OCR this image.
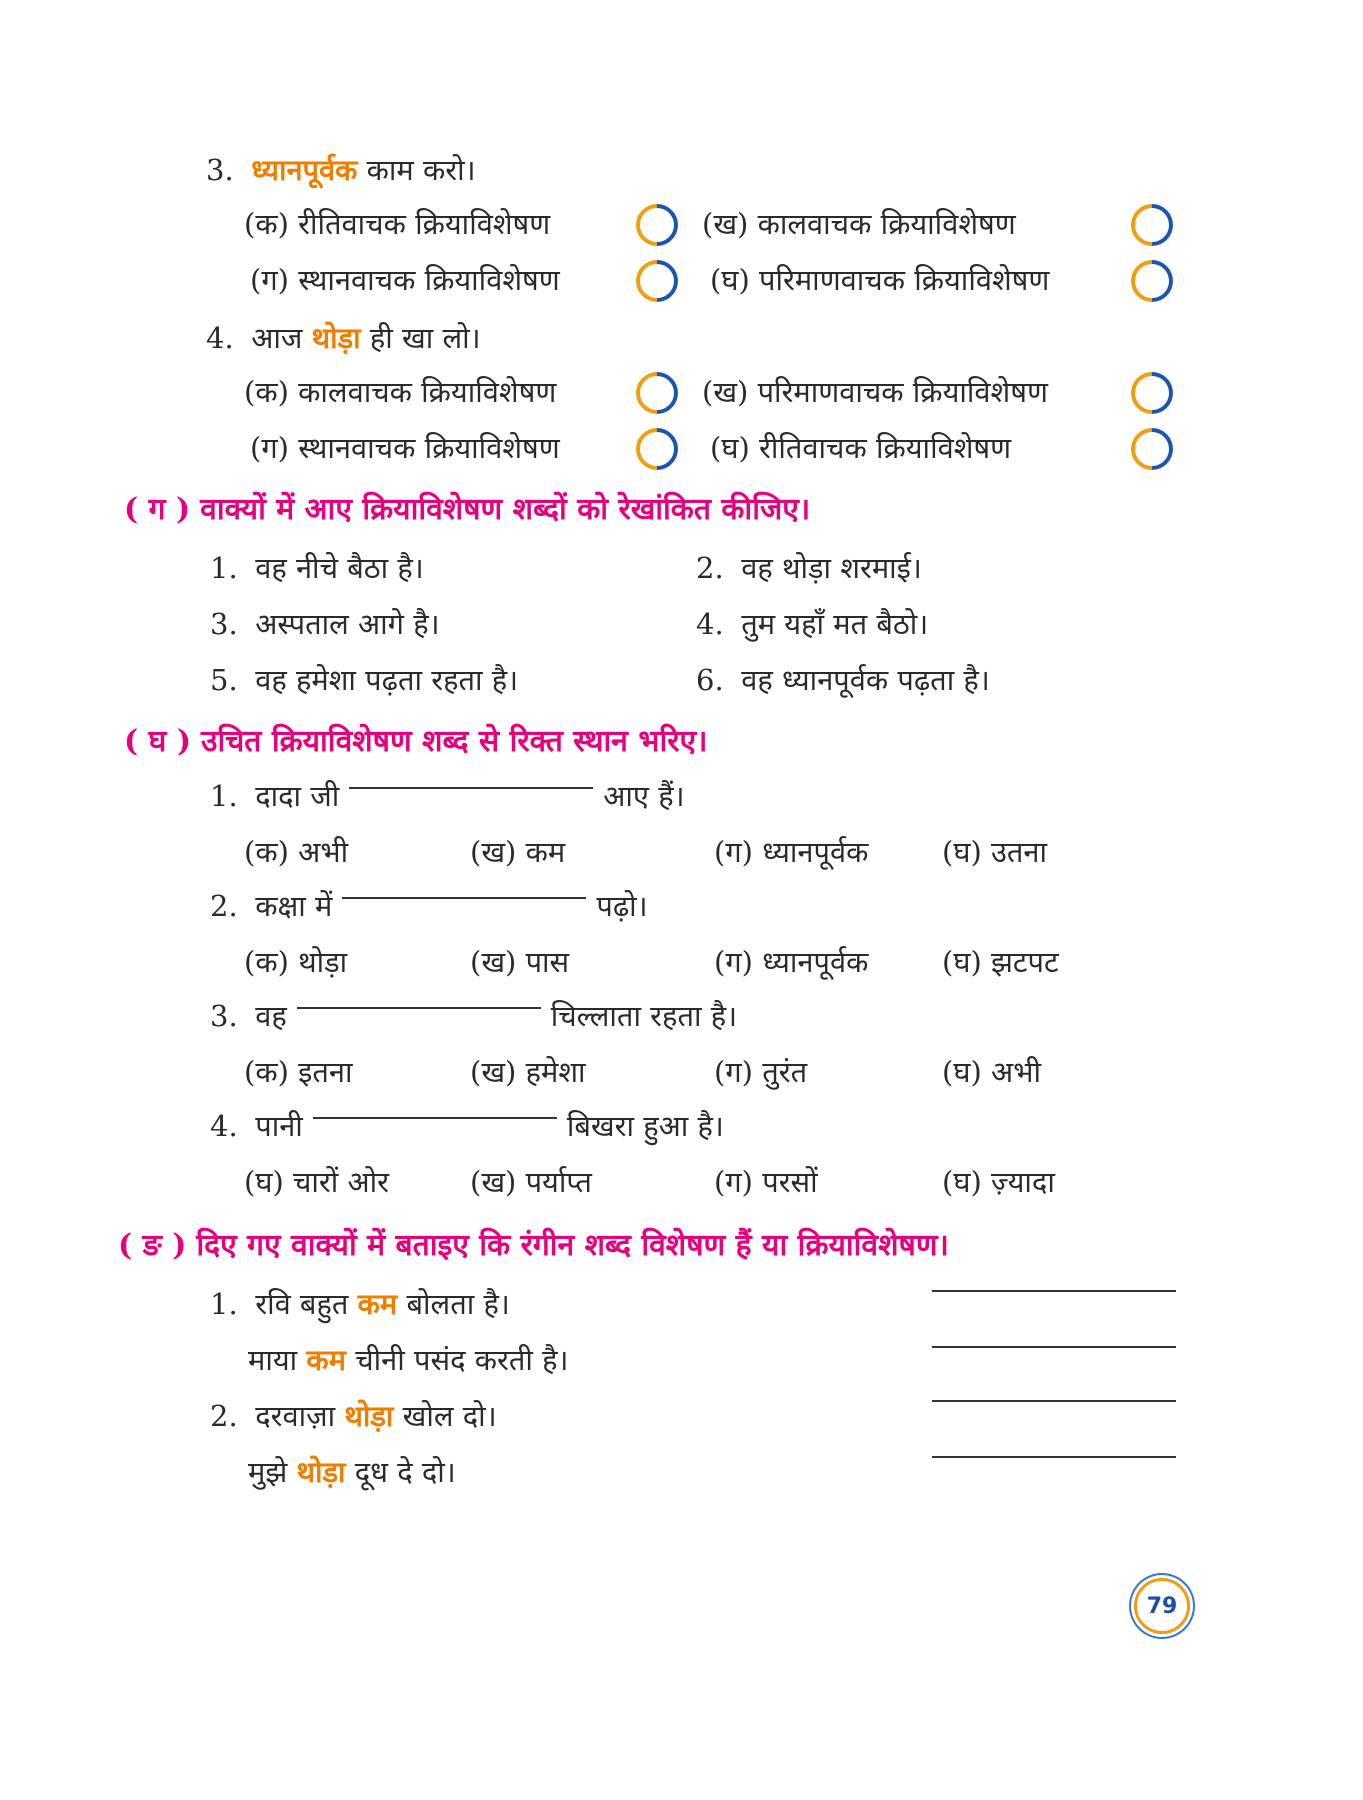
3. ध्यानपूर्वक काम करो।
(क) रीतिवाचक क्रियाविशेषण	(ख) कालवाचक क्रियाविशेषण
(ग) स्थानवाचक क्रियाविशेषण	(घ) परिमाणवाचक क्रियाविशेषण
4. आज थोड़ा ही खा लो।
(क) कालवाचक क्रियाविशेषण	(ख) परिमाणवाचक क्रियाविशेषण
(ग) स्थानवाचक क्रियाविशेषण	(घ) रीतिवाचक क्रियाविशेषण
( ग ) वाक्यों में आए क्रियाविशेषण शब्दों को रेखांकित कीजिए।
1. वह नीचे बैठा है।	2. वह थोड़ा शरमाई।
3. अस्पताल आगे है।	4. तुम यहाँ मत बैठो।
5. वह हमेशा पढ़ता रहता है।	6. वह ध्यानपूर्वक पढ़ता है।
( घ ) उचित क्रियाविशेषण शब्द से रिक्त स्थान भरिए।
1. दादा जी	आए हैं।
(क) अभी	(ख) कम	(ग) ध्यानपूर्वक	(घ) उतना
2. कक्षा में	पढ़ो।
(क) थोड़ा	(ख) पास	(ग) ध्यानपूर्वक	(घ) झटपट
3. वह	चिल्लाता रहता है।
(क) इतना	(ख) हमेशा	(ग) तुरंत	(घ) अभी
4. पानी	बिखरा हुआ है।
(घ) चारों ओर	(ख) पर्याप्त	(ग) परसों	(घ) ज़्यादा
( ङ ) दिए गए वाक्यों में बताइए कि रंगीन शब्द विशेषण हैं या क्रियाविशेषण।
1. रवि बहुत कम बोलता है।
माया कम चीनी पसंद करती है।
2. दरवाज़ा थोड़ा खोल दो।
मुझे थोड़ा दूध दे दो।
79
